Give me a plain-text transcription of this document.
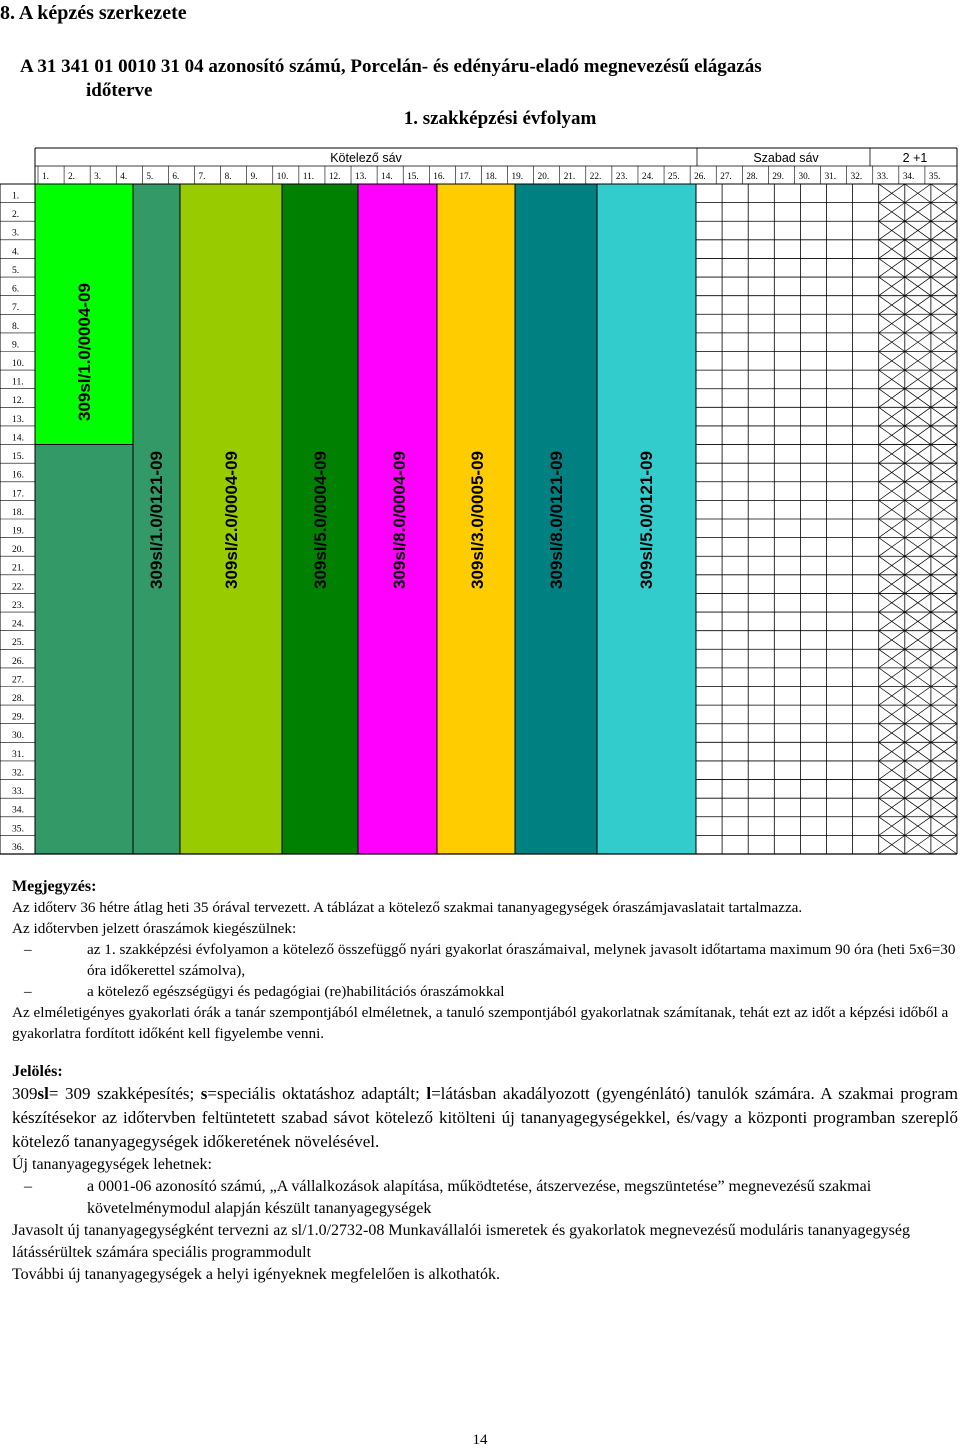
8. A képzés szerkezete
A 31 341 01 0010 31 04 azonosító számú, Porcelán- és edényáru-eladó megnevezésű elágazás
időterve
1. szakképzési évfolyam
Kötelező sáv	Szabad sáv	2 +1
1. 2. 3. 4. 5. 6. 7. 8. 9. 10. 11. 12. 13. 14. 15. 16. 17. 18. 19. 20. 21. 22. 23. 24. 25. 26. 27. 28. 29. 30. 31. 32. 33. 34. 35.
1.
2.
3.
4.
5.
6.
7.
8.
9.
10.
11.
12.
13.
14.
15.
16.
17.
18.
19.
20.
21.
22.
23.
24.
25.
26.
27.
28.
29.
30.
31.
32.
33.
34.
35.
36.
309sl/1.0/0004-09
309sl/1.0/0121-09	309sl/2.0/0004-09	309sl/5.0/0004-09	309sl/8.0/0004-09	309sl/3.0/0005-09	309sl/8.0/0121-09	309sl/5.0/0121-09
Megjegyzés:
Az időterv 36 hétre átlag heti 35 órával tervezett. A táblázat a kötelező szakmai tananyagegységek óraszámjavaslatait tartalmazza.
Az időtervben jelzett óraszámok kiegészülnek:
–	az 1. szakképzési évfolyamon a kötelező összefüggő nyári gyakorlat óraszámaival, melynek javasolt időtartama maximum 90 óra (heti 5x6=30 óra időkerettel számolva),
–	a kötelező egészségügyi és pedagógiai (re)habilitációs óraszámokkal
Az elméletigényes gyakorlati órák a tanár szempontjából elméletnek, a tanuló szempontjából gyakorlatnak számítanak, tehát ezt az időt a képzési időből a gyakorlatra fordított időként kell figyelembe venni.
Jelölés:
309sl= 309 szakképesítés; s=speciális oktatáshoz adaptált; l=látásban akadályozott (gyengénlátó) tanulók számára. A szakmai program készítésekor az időtervben feltüntetett szabad sávot kötelező kitölteni új tananyagegységekkel, és/vagy a központi programban szereplő kötelező tananyagegységek időkeretének növelésével.
Új tananyagegységek lehetnek:
–	a 0001-06 azonosító számú, „A vállalkozások alapítása, működtetése, átszervezése, megszüntetése” megnevezésű szakmai követelménymodul alapján készült tananyagegységek
Javasolt új tananyagegységként tervezni az sl/1.0/2732-08 Munkavállalói ismeretek és gyakorlatok megnevezésű moduláris tananyagegység látássérültek számára speciális programmodult
További új tananyagegységek a helyi igényeknek megfelelően is alkothatók.
14
